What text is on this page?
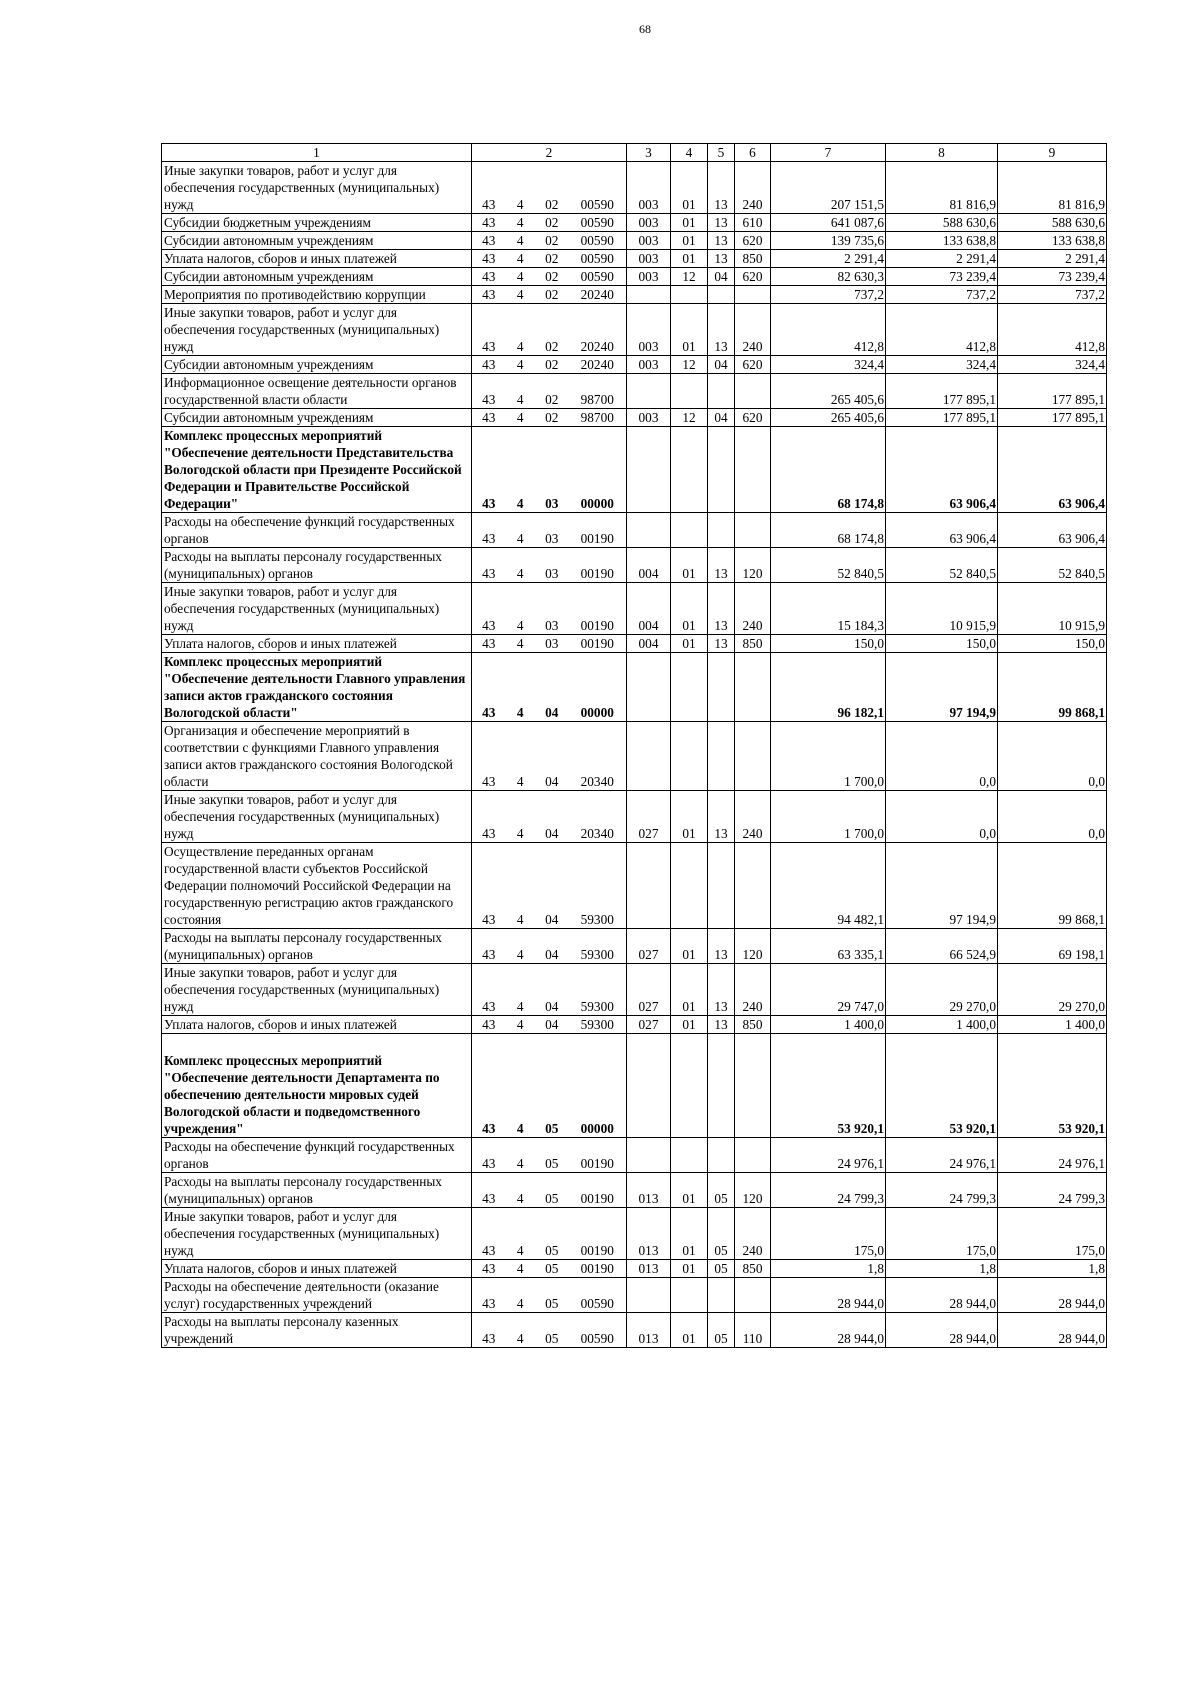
68
1	2	3	4	5	6	7	8	9
Иные закупки товаров, работ и услуг для обеспечения государственных (муниципальных) нужд	43 4 02 00590	003	01	13	240	207 151,5	81 816,9	81 816,9
Субсидии бюджетным учреждениям	43 4 02 00590	003	01	13	610	641 087,6	588 630,6	588 630,6
Субсидии автономным учреждениям	43 4 02 00590	003	01	13	620	139 735,6	133 638,8	133 638,8
Уплата налогов, сборов и иных платежей	43 4 02 00590	003	01	13	850	2 291,4	2 291,4	2 291,4
Субсидии автономным учреждениям	43 4 02 00590	003	12	04	620	82 630,3	73 239,4	73 239,4
Мероприятия по противодействию коррупции	43 4 02 20240					737,2	737,2	737,2
Иные закупки товаров, работ и услуг для обеспечения государственных (муниципальных) нужд	43 4 02 20240	003	01	13	240	412,8	412,8	412,8
Субсидии автономным учреждениям	43 4 02 20240	003	12	04	620	324,4	324,4	324,4
Информационное освещение деятельности органов государственной власти области	43 4 02 98700					265 405,6	177 895,1	177 895,1
Субсидии автономным учреждениям	43 4 02 98700	003	12	04	620	265 405,6	177 895,1	177 895,1
Комплекс процессных мероприятий "Обеспечение деятельности Представительства Вологодской области при Президенте Российской Федерации и Правительстве Российской Федерации"	43 4 03 00000					68 174,8	63 906,4	63 906,4
Расходы на обеспечение функций государственных органов	43 4 03 00190					68 174,8	63 906,4	63 906,4
Расходы на выплаты персоналу государственных (муниципальных) органов	43 4 03 00190	004	01	13	120	52 840,5	52 840,5	52 840,5
Иные закупки товаров, работ и услуг для обеспечения государственных (муниципальных) нужд	43 4 03 00190	004	01	13	240	15 184,3	10 915,9	10 915,9
Уплата налогов, сборов и иных платежей	43 4 03 00190	004	01	13	850	150,0	150,0	150,0
Комплекс процессных мероприятий "Обеспечение деятельности Главного управления записи актов гражданского состояния Вологодской области"	43 4 04 00000					96 182,1	97 194,9	99 868,1
Организация и обеспечение мероприятий в соответствии с функциями Главного управления записи актов гражданского состояния Вологодской области	43 4 04 20340					1 700,0	0,0	0,0
Иные закупки товаров, работ и услуг для обеспечения государственных (муниципальных) нужд	43 4 04 20340	027	01	13	240	1 700,0	0,0	0,0
Осуществление переданных органам государственной власти субъектов Российской Федерации полномочий Российской Федерации на государственную регистрацию актов гражданского состояния	43 4 04 59300					94 482,1	97 194,9	99 868,1
Расходы на выплаты персоналу государственных (муниципальных) органов	43 4 04 59300	027	01	13	120	63 335,1	66 524,9	69 198,1
Иные закупки товаров, работ и услуг для обеспечения государственных (муниципальных) нужд	43 4 04 59300	027	01	13	240	29 747,0	29 270,0	29 270,0
Уплата налогов, сборов и иных платежей	43 4 04 59300	027	01	13	850	1 400,0	1 400,0	1 400,0
Комплекс процессных мероприятий "Обеспечение деятельности Департамента по обеспечению деятельности мировых судей Вологодской области и подведомственного учреждения"	43 4 05 00000					53 920,1	53 920,1	53 920,1
Расходы на обеспечение функций государственных органов	43 4 05 00190					24 976,1	24 976,1	24 976,1
Расходы на выплаты персоналу государственных (муниципальных) органов	43 4 05 00190	013	01	05	120	24 799,3	24 799,3	24 799,3
Иные закупки товаров, работ и услуг для обеспечения государственных (муниципальных) нужд	43 4 05 00190	013	01	05	240	175,0	175,0	175,0
Уплата налогов, сборов и иных платежей	43 4 05 00190	013	01	05	850	1,8	1,8	1,8
Расходы на обеспечение деятельности (оказание услуг) государственных учреждений	43 4 05 00590					28 944,0	28 944,0	28 944,0
Расходы на выплаты персоналу казенных учреждений	43 4 05 00590	013	01	05	110	28 944,0	28 944,0	28 944,0
